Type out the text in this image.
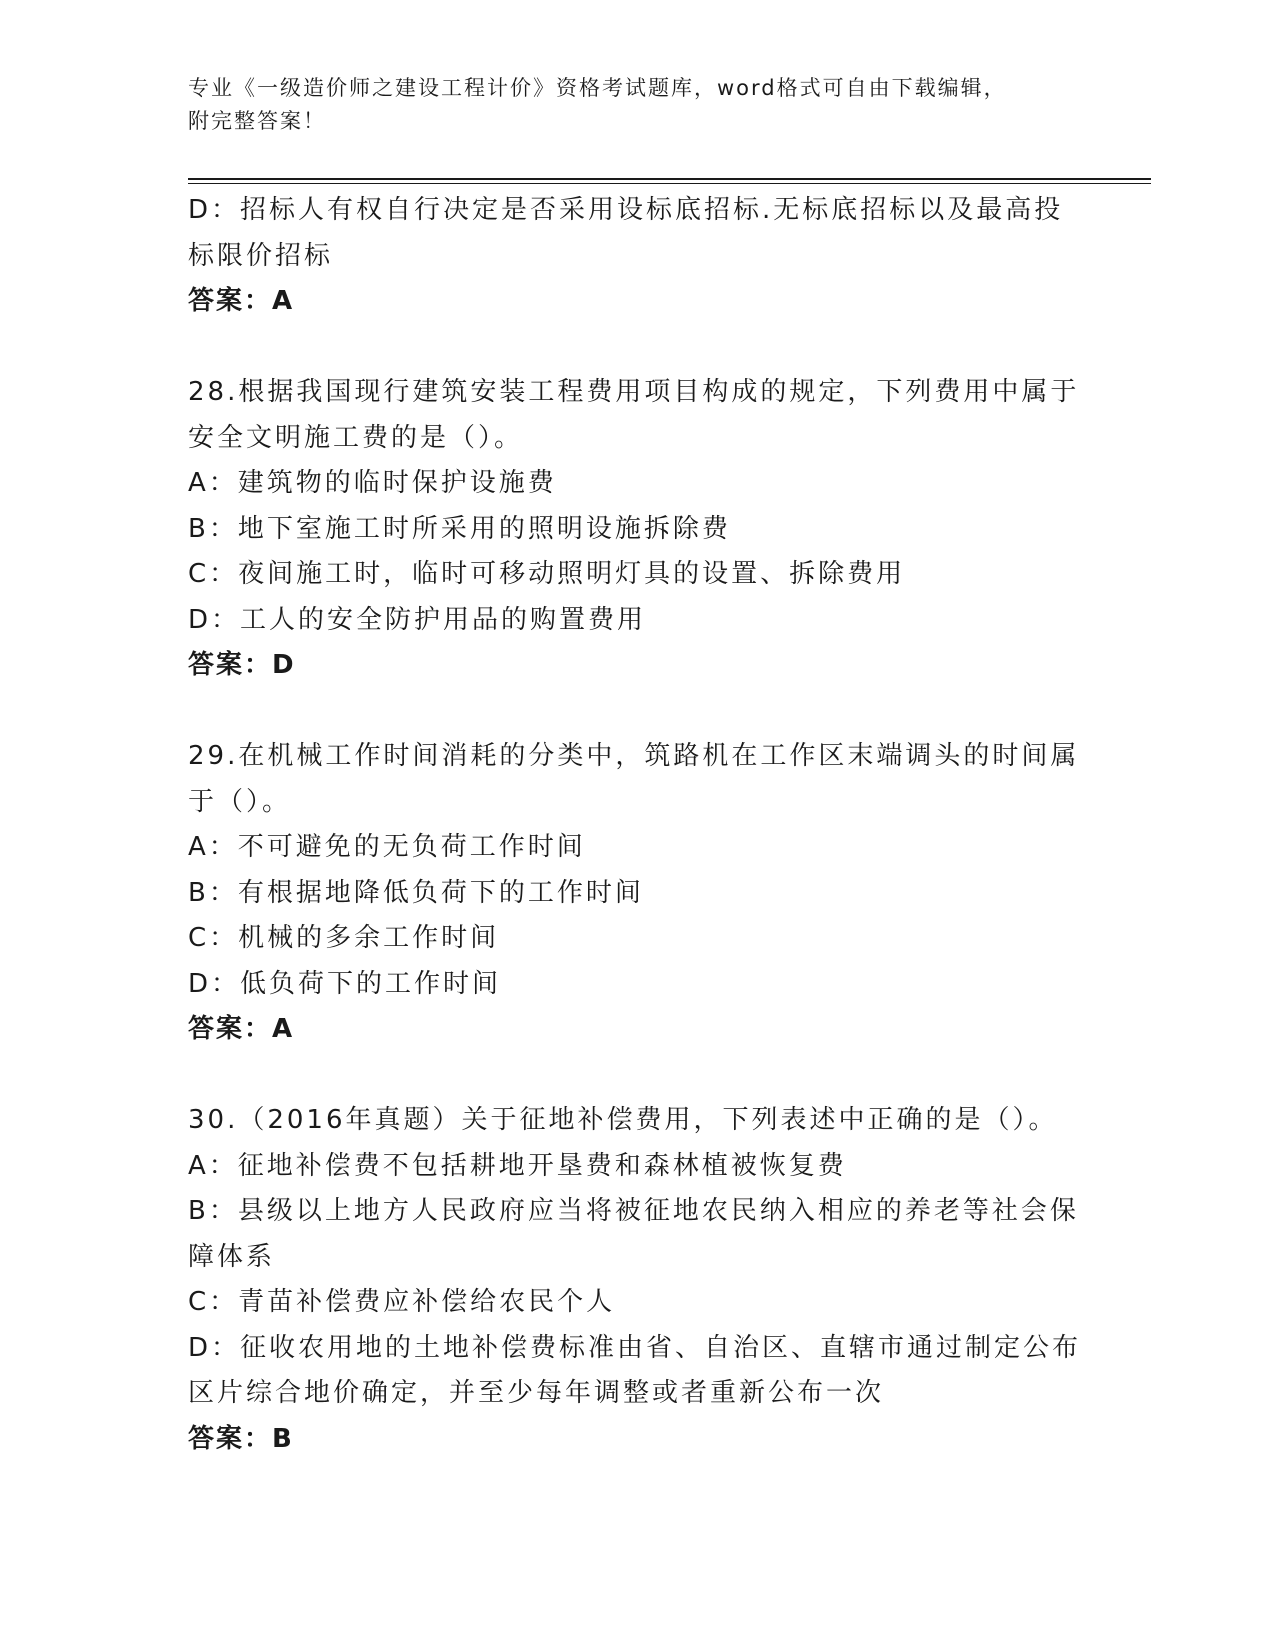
专业《一级造价师之建设工程计价》资格考试题库，word格式可自由下载编辑，
附完整答案！
D：招标人有权自行决定是否采用设标底招标.无标底招标以及最高投
标限价招标
答案：A
28.根据我国现行建筑安装工程费用项目构成的规定，下列费用中属于
安全文明施工费的是（）。
A：建筑物的临时保护设施费
B：地下室施工时所采用的照明设施拆除费
C：夜间施工时，临时可移动照明灯具的设置、拆除费用
D：工人的安全防护用品的购置费用
答案：D
29.在机械工作时间消耗的分类中，筑路机在工作区末端调头的时间属
于（）。
A：不可避免的无负荷工作时间
B：有根据地降低负荷下的工作时间
C：机械的多余工作时间
D：低负荷下的工作时间
答案：A
30.（2016年真题）关于征地补偿费用，下列表述中正确的是（）。
A：征地补偿费不包括耕地开垦费和森林植被恢复费
B：县级以上地方人民政府应当将被征地农民纳入相应的养老等社会保
障体系
C：青苗补偿费应补偿给农民个人
D：征收农用地的土地补偿费标准由省、自治区、直辖市通过制定公布
区片综合地价确定，并至少每年调整或者重新公布一次
答案：B
